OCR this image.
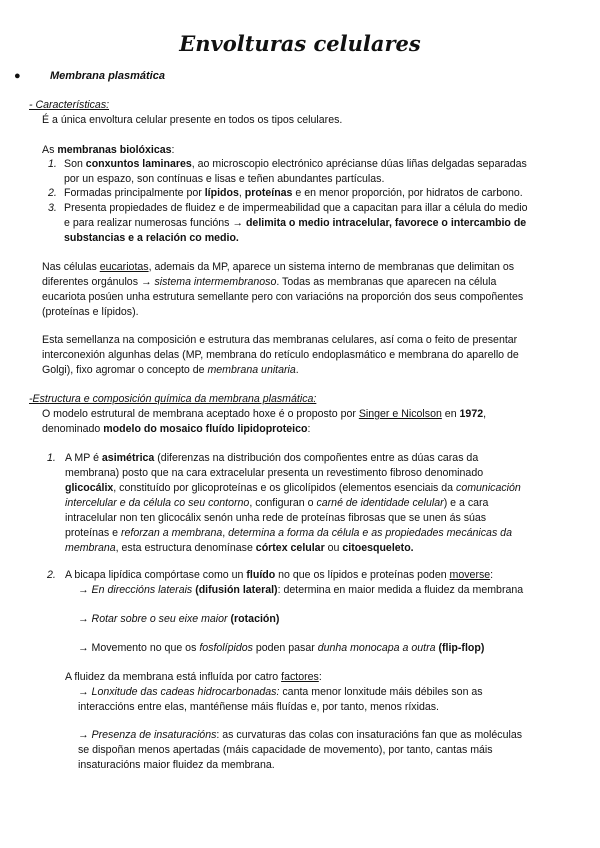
Envolturas celulares
●	Membrana plasmática
- Características:
É a única envoltura celular presente en todos os tipos celulares.
As membranas biolóxicas:
1. Son conxuntos laminares, ao microscopio electrónico aprécianse dúas liñas delgadas separadas
por un espazo, son contínuas e lisas e teñen abundantes partículas.
2. Formadas principalmente por lípidos, proteínas e en menor proporción, por hidratos de carbono.
3. Presenta propiedades de fluidez e de impermeabilidad que a capacitan para illar a célula do medio
e para realizar numerosas funcións → delimita o medio intracelular, favorece o intercambio de
substancias e a relación co medio.
Nas células eucariotas, ademais da MP, aparece un sistema interno de membranas que delimitan os
diferentes orgánulos → sistema intermembranoso. Todas as membranas que aparecen na célula
eucariota posúen unha estrutura semellante pero con variacións na proporción dos seus compoñentes
(proteínas e lípidos).
Esta semellanza na composición e estrutura das membranas celulares, así coma o feito de presentar
interconexión algunhas delas (MP, membrana do retículo endoplasmático e membrana do aparello de
Golgi), fixo agromar o concepto de membrana unitaria.
-Estructura e composición química da membrana plasmática:
O modelo estrutural de membrana aceptado hoxe é o proposto por Singer e Nicolson en 1972,
denominado modelo do mosaico fluído lipidoproteico:
1. A MP é asimétrica (diferenzas na distribución dos compoñentes entre as dúas caras da
membrana) posto que na cara extracelular presenta un revestimento fibroso denominado
glicocálix, constituído por glicoproteínas e os glicolípidos (elementos esenciais da comunicación
intercelular e da célula co seu contorno, configuran o carné de identidade celular) e a cara
intracelular non ten glicocálix senón unha rede de proteínas fibrosas que se unen ás súas
proteínas e reforzan a membrana, determina a forma da célula e as propiedades mecánicas da
membrana, esta estructura denomínase córtex celular ou citoesqueleto.
2. A bicapa lipídica compórtase como un fluído no que os lípidos e proteínas poden moverse:
→ En direccións laterais (difusión lateral): determina en maior medida a fluidez da membrana
→ Rotar sobre o seu eixe maior (rotación)
→ Movemento no que os fosfolípidos poden pasar dunha monocapa a outra (flip-flop)
A fluidez da membrana está influída por catro factores:
→ Lonxitude das cadeas hidrocarbonadas: canta menor lonxitude máis débiles son as
interaccións entre elas, mantéñense máis fluídas e, por tanto, menos ríxidas.
→ Presenza de insaturacións: as curvaturas das colas con insaturacións fan que as moléculas
se dispoñan menos apertadas (máis capacidade de movemento), por tanto, cantas máis
insaturacións maior fluidez da membrana.
